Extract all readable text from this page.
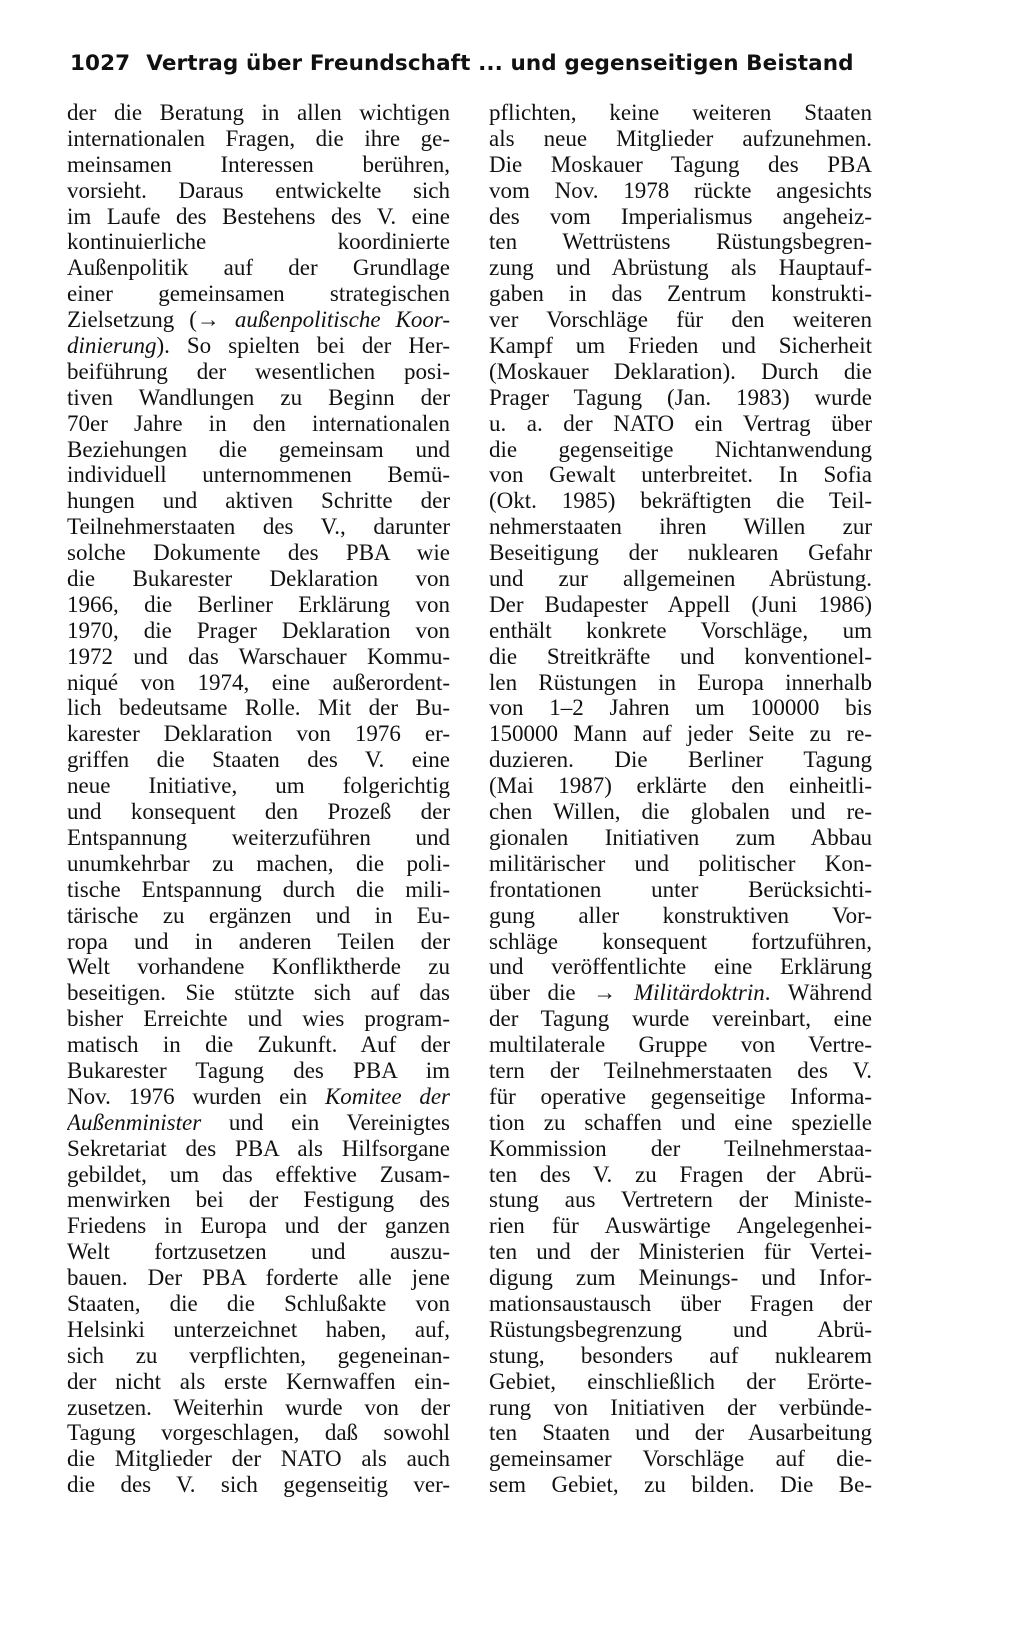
1027 Vertrag über Freundschaft ... und gegenseitigen Beistand
der die Beratung in allen wichtigen
internationalen Fragen, die ihre ge-
meinsamen Interessen berühren,
vorsieht. Daraus entwickelte sich
im Laufe des Bestehens des V. eine
kontinuierliche koordinierte
Außenpolitik auf der Grundlage
einer gemeinsamen strategischen
Zielsetzung (→ außenpolitische Koor-
dinierung). So spielten bei der Her-
beiführung der wesentlichen posi-
tiven Wandlungen zu Beginn der
70er Jahre in den internationalen
Beziehungen die gemeinsam und
individuell unternommenen Bemü-
hungen und aktiven Schritte der
Teilnehmerstaaten des V., darunter
solche Dokumente des PBA wie
die Bukarester Deklaration von
1966, die Berliner Erklärung von
1970, die Prager Deklaration von
1972 und das Warschauer Kommu-
niqué von 1974, eine außerordent-
lich bedeutsame Rolle. Mit der Bu-
karester Deklaration von 1976 er-
griffen die Staaten des V. eine
neue Initiative, um folgerichtig
und konsequent den Prozeß der
Entspannung weiterzuführen und
unumkehrbar zu machen, die poli-
tische Entspannung durch die mili-
tärische zu ergänzen und in Eu-
ropa und in anderen Teilen der
Welt vorhandene Konfliktherde zu
beseitigen. Sie stützte sich auf das
bisher Erreichte und wies program-
matisch in die Zukunft. Auf der
Bukarester Tagung des PBA im
Nov. 1976 wurden ein Komitee der
Außenminister und ein Vereinigtes
Sekretariat des PBA als Hilfsorgane
gebildet, um das effektive Zusam-
menwirken bei der Festigung des
Friedens in Europa und der ganzen
Welt fortzusetzen und auszu-
bauen. Der PBA forderte alle jene
Staaten, die die Schlußakte von
Helsinki unterzeichnet haben, auf,
sich zu verpflichten, gegeneinan-
der nicht als erste Kernwaffen ein-
zusetzen. Weiterhin wurde von der
Tagung vorgeschlagen, daß sowohl
die Mitglieder der NATO als auch
die des V. sich gegenseitig ver-
pflichten, keine weiteren Staaten
als neue Mitglieder aufzunehmen.
Die Moskauer Tagung des PBA
vom Nov. 1978 rückte angesichts
des vom Imperialismus angeheiz-
ten Wettrüstens Rüstungsbegren-
zung und Abrüstung als Hauptauf-
gaben in das Zentrum konstrukti-
ver Vorschläge für den weiteren
Kampf um Frieden und Sicherheit
(Moskauer Deklaration). Durch die
Prager Tagung (Jan. 1983) wurde
u. a. der NATO ein Vertrag über
die gegenseitige Nichtanwendung
von Gewalt unterbreitet. In Sofia
(Okt. 1985) bekräftigten die Teil-
nehmerstaaten ihren Willen zur
Beseitigung der nuklearen Gefahr
und zur allgemeinen Abrüstung.
Der Budapester Appell (Juni 1986)
enthält konkrete Vorschläge, um
die Streitkräfte und konventionel-
len Rüstungen in Europa innerhalb
von 1–2 Jahren um 100000 bis
150000 Mann auf jeder Seite zu re-
duzieren. Die Berliner Tagung
(Mai 1987) erklärte den einheitli-
chen Willen, die globalen und re-
gionalen Initiativen zum Abbau
militärischer und politischer Kon-
frontationen unter Berücksichti-
gung aller konstruktiven Vor-
schläge konsequent fortzuführen,
und veröffentlichte eine Erklärung
über die → Militärdoktrin. Während
der Tagung wurde vereinbart, eine
multilaterale Gruppe von Vertre-
tern der Teilnehmerstaaten des V.
für operative gegenseitige Informa-
tion zu schaffen und eine spezielle
Kommission der Teilnehmerstaa-
ten des V. zu Fragen der Abrü-
stung aus Vertretern der Ministe-
rien für Auswärtige Angelegenhei-
ten und der Ministerien für Vertei-
digung zum Meinungs- und Infor-
mationsaustausch über Fragen der
Rüstungsbegrenzung und Abrü-
stung, besonders auf nuklearem
Gebiet, einschließlich der Erörte-
rung von Initiativen der verbünde-
ten Staaten und der Ausarbeitung
gemeinsamer Vorschläge auf die-
sem Gebiet, zu bilden. Die Be-
